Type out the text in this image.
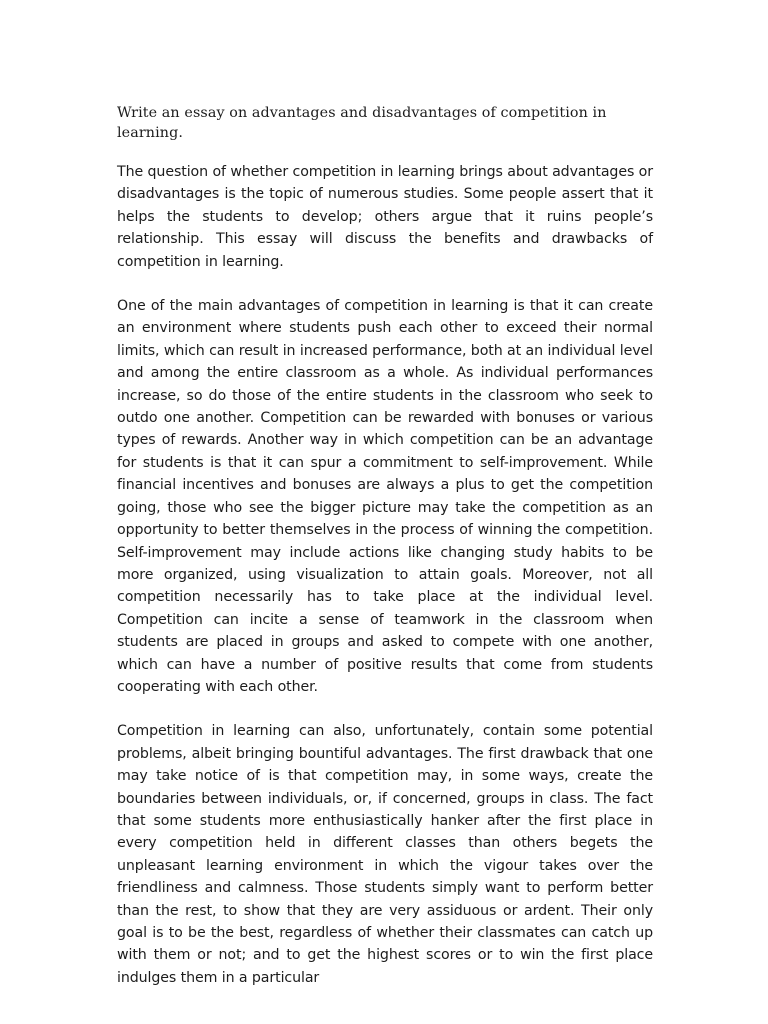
Write an essay on advantages and disadvantages of competition in learning.

The question of whether competition in learning brings about advantages or disadvantages is the topic of numerous studies. Some people assert that it helps the students to develop; others argue that it ruins people’s relationship. This essay will discuss the benefits and drawbacks of competition in learning.

One of the main advantages of competition in learning is that it can create an environment where students push each other to exceed their normal limits, which can result in increased performance, both at an individual level and among the entire classroom as a whole. As individual performances increase, so do those of the entire students in the classroom who seek to outdo one another. Competition can be rewarded with bonuses or various types of rewards. Another way in which competition can be an advantage for students is that it can spur a commitment to self-improvement. While financial incentives and bonuses are always a plus to get the competition going, those who see the bigger picture may take the competition as an opportunity to better themselves in the process of winning the competition. Self-improvement may include actions like changing study habits to be more organized, using visualization to attain goals. Moreover, not all competition necessarily has to take place at the individual level. Competition can incite a sense of teamwork in the classroom when students are placed in groups and asked to compete with one another, which can have a number of positive results that come from students cooperating with each other.

Competition in learning can also, unfortunately, contain some potential problems, albeit bringing bountiful advantages. The first drawback that one may take notice of is that competition may, in some ways, create the boundaries between individuals, or, if concerned, groups in class. The fact that some students more enthusiastically hanker after the first place in every competition held in different classes than others begets the unpleasant learning environment in which the vigour takes over the friendliness and calmness. Those students simply want to perform better than the rest, to show that they are very assiduous or ardent. Their only goal is to be the best, regardless of whether their classmates can catch up with them or not; and to get the highest scores or to win the first place indulges them in a particular
